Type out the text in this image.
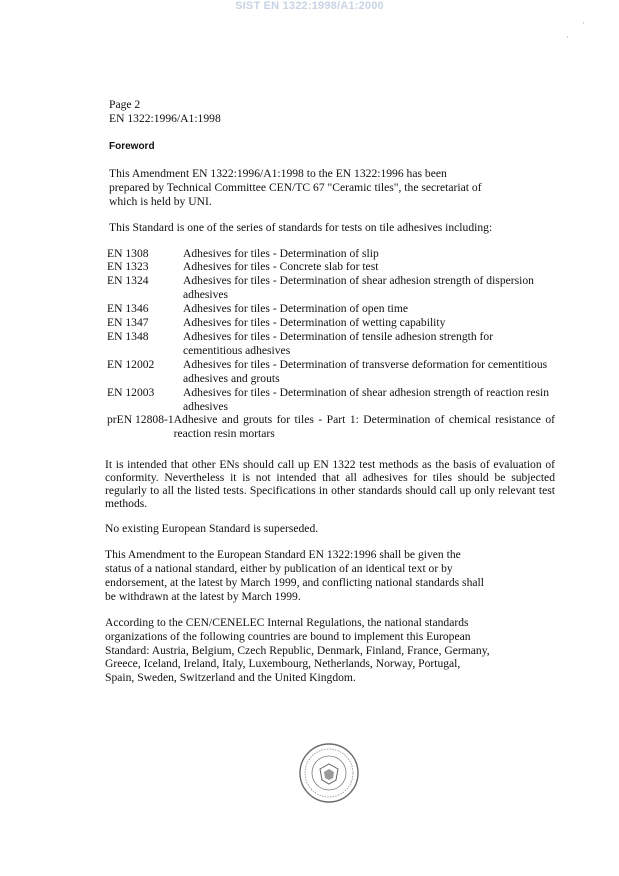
SIST EN 1322:1998/A1:2000
·
·
Page 2
EN 1322:1996/A1:1998
Foreword

This Amendment EN 1322:1996/A1:1998 to the EN 1322:1996 has been prepared by Technical Committee CEN/TC 67 "Ceramic tiles", the secretariat of which is held by UNI.

This Standard is one of the series of standards for tests on tile adhesives including:

EN 1308	Adhesives for tiles - Determination of slip
EN 1323	Adhesives for tiles - Concrete slab for test
EN 1324	Adhesives for tiles - Determination of shear adhesion strength of dispersion adhesives
EN 1346	Adhesives for tiles - Determination of open time
EN 1347	Adhesives for tiles - Determination of wetting capability
EN 1348	Adhesives for tiles - Determination of tensile adhesion strength for cementitious adhesives
EN 12002	Adhesives for tiles - Determination of transverse deformation for cementitious adhesives and grouts
EN 12003	Adhesives for tiles - Determination of shear adhesion strength of reaction resin adhesives
prEN 12808-1 Adhesive and grouts for tiles - Part 1: Determination of chemical resistance of reaction resin mortars

It is intended that other ENs should call up EN 1322 test methods as the basis of evaluation of conformity. Nevertheless it is not intended that all adhesives for tiles should be subjected regularly to all the listed tests. Specifications in other standards should call up only relevant test methods.

No existing European Standard is superseded.

This Amendment to the European Standard EN 1322:1996 shall be given the status of a national standard, either by publication of an identical text or by endorsement, at the latest by March 1999, and conflicting national standards shall be withdrawn at the latest by March 1999.

According to the CEN/CENELEC Internal Regulations, the national standards organizations of the following countries are bound to implement this European Standard: Austria, Belgium, Czech Republic, Denmark, Finland, France, Germany, Greece, Iceland, Ireland, Italy, Luxembourg, Netherlands, Norway, Portugal, Spain, Sweden, Switzerland and the United Kingdom.
